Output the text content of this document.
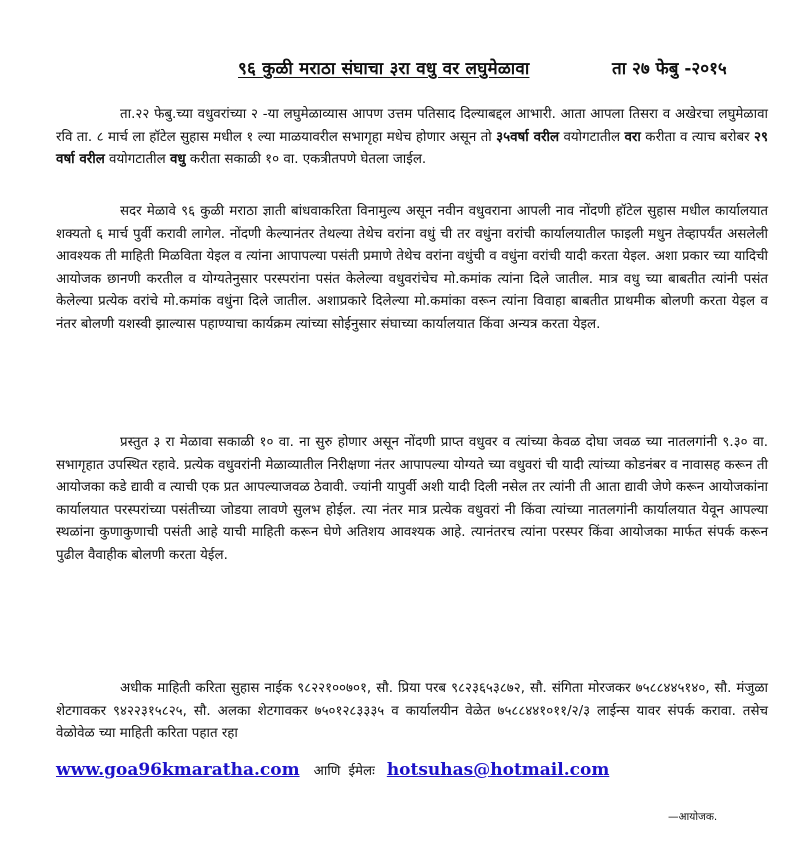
९६ कुळी मराठा संघाचा ३रा वधु वर लघुमेळावा	ता २७ फेबु -२०१५
ता.२२ फेबु.च्या वधुवरांच्या २ -या लघुमेळाव्यास आपण उत्तम पतिसाद दिल्याबद्दल आभारी. आता आपला तिसरा व अखेरचा लघुमेळावा रवि ता. ८ मार्च ला हॉटेल सुहास मधील १ ल्या माळयावरील सभागृहा मधेच होणार असून तो ३५वर्षा वरील वयोगटातील वरा करीता व त्याच बरोबर २९ वर्षा वरील वयोगटातील वधु करीता सकाळी १० वा. एकत्रीतपणे घेतला जाईल.
सदर मेळावे ९६ कुळी मराठा ज्ञाती बांधवाकरिता विनामुल्य असून नवीन वधुवराना आपली नाव नोंदणी हॉटेल सुहास मधील कार्यालयात शक्यतो ६ मार्च पुर्वी करावी लागेल. नोंदणी केल्यानंतर तेथल्या तेथेच वरांना वधुं ची तर वधुंना वरांची कार्यालयातील फाइली मधुन तेव्हापर्यंत असलेली आवश्यक ती माहिती मिळविता येइल व त्यांना आपापल्या पसंती प्रमाणे तेथेच वरांना वधुंची व वधुंना वरांची यादी करता येइल. अशा प्रकार च्या यादिची आयोजक छानणी करतील व योग्यतेनुसार परस्परांना पसंत केलेल्या वधुवरांचेच मो.कमांक त्यांना दिले जातील. मात्र वधु च्या बाबतीत त्यांनी पसंत केलेल्या प्रत्येक वरांचे मो.कमांक वधुंना दिले जातील. अशाप्रकारे दिलेल्या मो.कमांका वरून त्यांना विवाहा बाबतीत प्राथमीक बोलणी करता येइल व नंतर बोलणी यशस्वी झाल्यास पहाण्याचा कार्यक्रम त्यांच्या सोईनुसार संघाच्या कार्यालयात किंवा अन्यत्र करता येइल.
प्रस्तुत ३ रा मेळावा सकाळी १० वा. ना सुरु होणार असून नोंदणी प्राप्त वधुवर व त्यांच्या केवळ दोघा जवळ च्या नातलगांनी ९.३० वा. सभागृहात उपस्थित रहावे. प्रत्येक वधुवरांनी मेळाव्यातील निरीक्षणा नंतर आपापल्या योग्यते च्या वधुवरां ची यादी त्यांच्या कोडनंबर व नावासह करून ती आयोजका कडे द्यावी व त्याची एक प्रत आपल्याजवळ ठेवावी. ज्यांनी यापुर्वी अशी यादी दिली नसेल तर त्यांनी ती आता द्यावी जेणे करून आयोजकांना कार्यालयात परस्परांच्या पसंतीच्या जोडया लावणे सुलभ होईल. त्या नंतर मात्र प्रत्येक वधुवरां नी किंवा त्यांच्या नातलगांनी कार्यालयात येवून आपल्या स्थळांना कुणाकुणाची पसंती आहे याची माहिती करून घेणे अतिशय आवश्यक आहे. त्यानंतरच त्यांना परस्पर किंवा आयोजका मार्फत संपर्क करून पुढील वैवाहीक बोलणी करता येईल.
अधीक माहिती करिता सुहास नाईक ९८२२१००७०१, सौ. प्रिया परब ९८२३६५३८७२, सौ. संगिता मोरजकर ७५८८४४५१४०, सौ. मंजुळा शेटगावकर ९४२२३१५८२५, सौ. अलका शेटगावकर ७५०१२८३३३५ व कार्यालयीन वेळेत ७५८८४४१०११/२/३ लाईन्स यावर संपर्क करावा. तसेच वेळोवेळ च्या माहिती करिता पहात रहा
www.goa96kmaratha.com आणि ईमेलः hotsuhas@hotmail.com
—आयोजक.
